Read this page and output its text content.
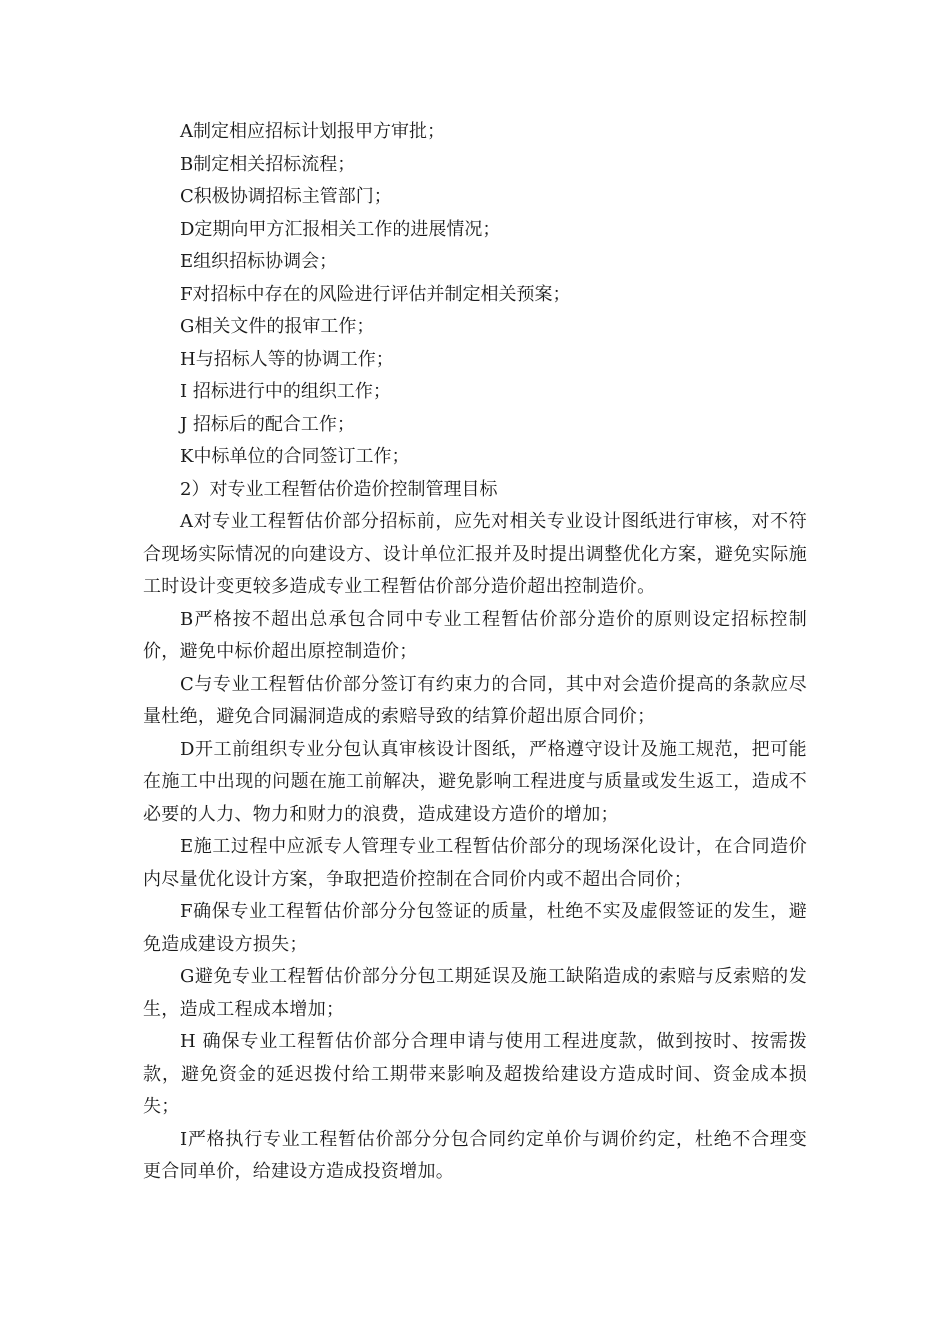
A制定相应招标计划报甲方审批；

B制定相关招标流程；

C积极协调招标主管部门；

D定期向甲方汇报相关工作的进展情况；

E组织招标协调会；

F对招标中存在的风险进行评估并制定相关预案；

G相关文件的报审工作；

H与招标人等的协调工作；

I 招标进行中的组织工作；

J 招标后的配合工作；

K中标单位的合同签订工作；

2）对专业工程暂估价造价控制管理目标

A对专业工程暂估价部分招标前，应先对相关专业设计图纸进行审核，对不符合现场实际情况的向建设方、设计单位汇报并及时提出调整优化方案，避免实际施工时设计变更较多造成专业工程暂估价部分造价超出控制造价。

B严格按不超出总承包合同中专业工程暂估价部分造价的原则设定招标控制价，避免中标价超出原控制造价；

C与专业工程暂估价部分签订有约束力的合同，其中对会造价提高的条款应尽量杜绝，避免合同漏洞造成的索赔导致的结算价超出原合同价；

D开工前组织专业分包认真审核设计图纸，严格遵守设计及施工规范，把可能在施工中出现的问题在施工前解决，避免影响工程进度与质量或发生返工，造成不必要的人力、物力和财力的浪费，造成建设方造价的增加；

E施工过程中应派专人管理专业工程暂估价部分的现场深化设计，在合同造价内尽量优化设计方案，争取把造价控制在合同价内或不超出合同价；

F确保专业工程暂估价部分分包签证的质量，杜绝不实及虚假签证的发生，避免造成建设方损失；

G避免专业工程暂估价部分分包工期延误及施工缺陷造成的索赔与反索赔的发生，造成工程成本增加；

H 确保专业工程暂估价部分合理申请与使用工程进度款，做到按时、按需拨款，避免资金的延迟拨付给工期带来影响及超拨给建设方造成时间、资金成本损失；

I严格执行专业工程暂估价部分分包合同约定单价与调价约定，杜绝不合理变更合同单价，给建设方造成投资增加。
